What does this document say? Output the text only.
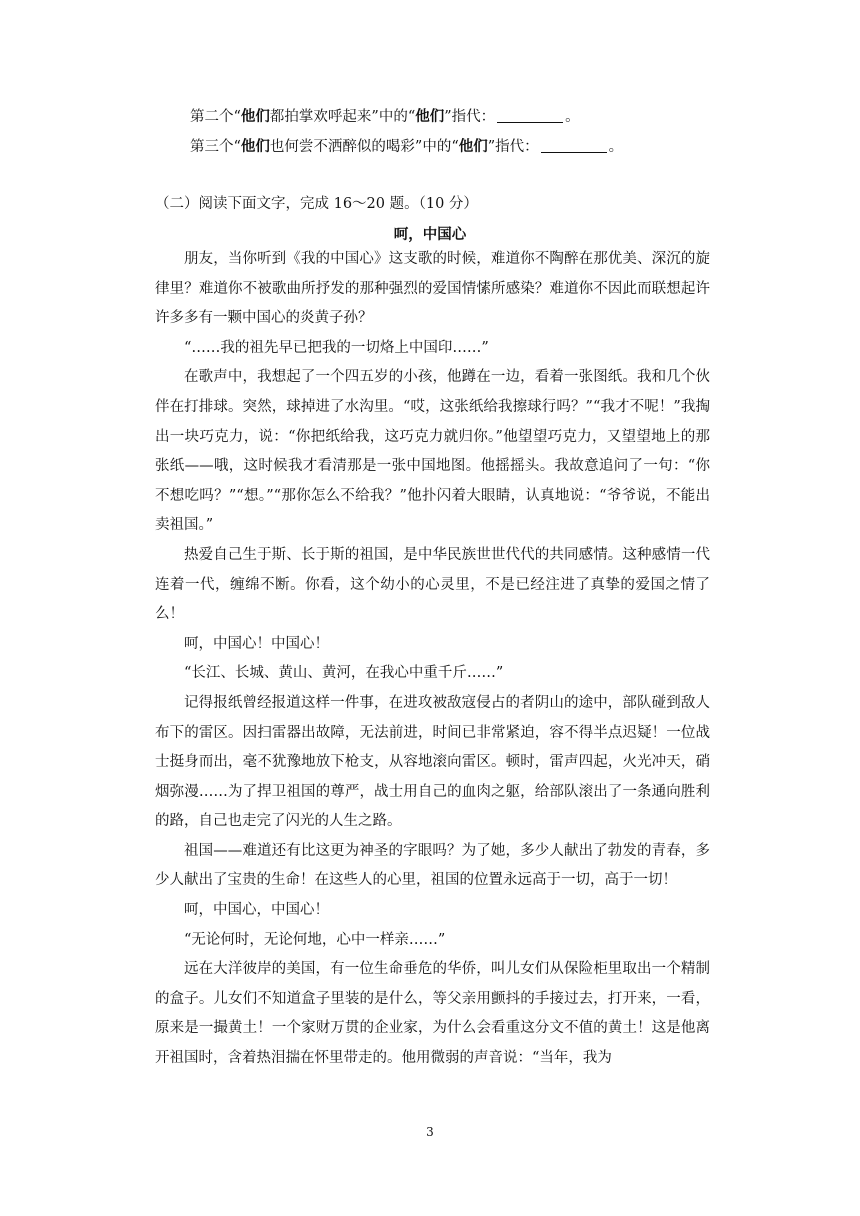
第二个“他们都拍掌欢呼起来”中的“他们”指代：	。
第三个“他们也何尝不洒醉似的喝彩”中的“他们”指代：	。
（二）阅读下面文字，完成 16～20 题。（10 分）
呵，中国心

朋友，当你听到《我的中国心》这支歌的时候，难道你不陶醉在那优美、深沉的旋律里？难道你不被歌曲所抒发的那种强烈的爱国情愫所感染？难道你不因此而联想起许许多多有一颗中国心的炎黄子孙？

“……我的祖先早已把我的一切烙上中国印……”

在歌声中，我想起了一个四五岁的小孩，他蹲在一边，看着一张图纸。我和几个伙伴在打排球。突然，球掉进了水沟里。“哎，这张纸给我擦球行吗？”“我才不呢！”我掏出一块巧克力，说：“你把纸给我，这巧克力就归你。”他望望巧克力，又望望地上的那张纸——哦，这时候我才看清那是一张中国地图。他摇摇头。我故意追问了一句：“你不想吃吗？”“想。”“那你怎么不给我？”他扑闪着大眼睛，认真地说：“爷爷说，不能出卖祖国。”

热爱自己生于斯、长于斯的祖国，是中华民族世世代代的共同感情。这种感情一代连着一代，缠绵不断。你看，这个幼小的心灵里，不是已经注进了真挚的爱国之情了么！

呵，中国心！中国心！

“长江、长城、黄山、黄河，在我心中重千斤……”

记得报纸曾经报道这样一件事，在进攻被敌寇侵占的者阴山的途中，部队碰到敌人布下的雷区。因扫雷器出故障，无法前进，时间已非常紧迫，容不得半点迟疑！一位战士挺身而出，毫不犹豫地放下枪支，从容地滚向雷区。顿时，雷声四起，火光冲天，硝烟弥漫……为了捍卫祖国的尊严，战士用自己的血肉之躯，给部队滚出了一条通向胜利的路，自己也走完了闪光的人生之路。

祖国——难道还有比这更为神圣的字眼吗？为了她，多少人献出了勃发的青春，多少人献出了宝贵的生命！在这些人的心里，祖国的位置永远高于一切，高于一切！

呵，中国心，中国心！

“无论何时，无论何地，心中一样亲……”

远在大洋彼岸的美国，有一位生命垂危的华侨，叫儿女们从保险柜里取出一个精制的盒子。儿女们不知道盒子里装的是什么，等父亲用颤抖的手接过去，打开来，一看，原来是一撮黄土！一个家财万贯的企业家，为什么会看重这分文不值的黄土！这是他离开祖国时，含着热泪揣在怀里带走的。他用微弱的声音说：“当年，我为

3
